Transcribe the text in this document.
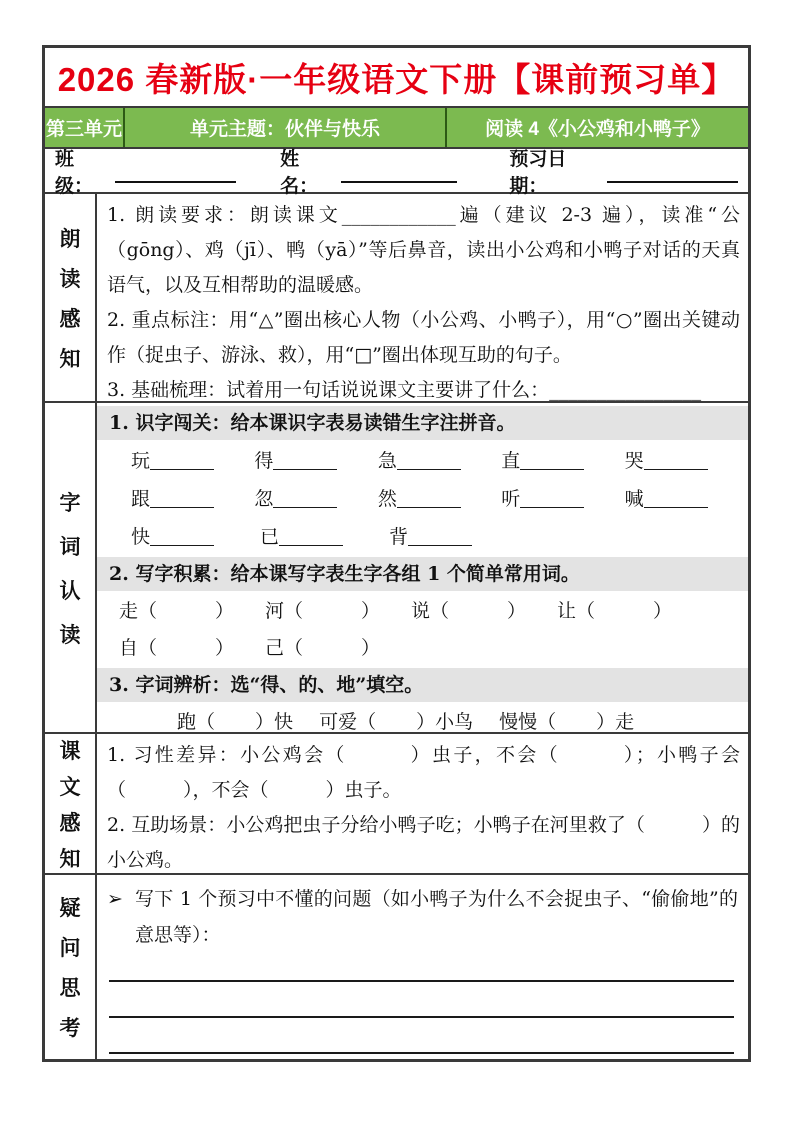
2026 春新版·一年级语文下册【课前预习单】
第三单元	单元主题：伙伴与快乐	阅读 4《小公鸡和小鸭子》
班级：
姓名：
预习日期：
朗
读
感
知
1. 朗读要求：朗读课文____________遍（建议 2-3 遍），读准“公（gōng）、鸡（jī）、鸭（yā）”等后鼻音，读出小公鸡和小鸭子对话的天真语气，以及互相帮助的温暖感。
2. 重点标注：用“△”圈出核心人物（小公鸡、小鸭子），用“○”圈出关键动作（捉虫子、游泳、救），用“□”圈出体现互助的句子。
3. 基础梳理：试着用一句话说说课文主要讲了什么：________________
字
词
认
读
1. 识字闯关：给本课识字表易读错生字注拼音。
玩	得	急	直	哭
跟	忽	然	听	喊
快	已	背
2. 写字积累：给本课写字表生字各组 1 个简单常用词。
走 （	） 河 （	） 说 （	） 让 （	）
自 （	） 己 （	）
3. 字词辨析：选“得、的、地”填空。
跑 （ ） 快 可爱 （ ） 小鸟 慢慢 （ ） 走
课
文
感
知
1. 习性差异：小公鸡会（　　　）虫子，不会（　　　）；小鸭子会（　　　），不会（　　　）虫子。
2. 互助场景：小公鸡把虫子分给小鸭子吃；小鸭子在河里救了（　　　）的小公鸡。
疑
问
思
考
➢ 写下 1 个预习中不懂的问题（如小鸭子为什么不会捉虫子、“偷偷地”的意思等）：
